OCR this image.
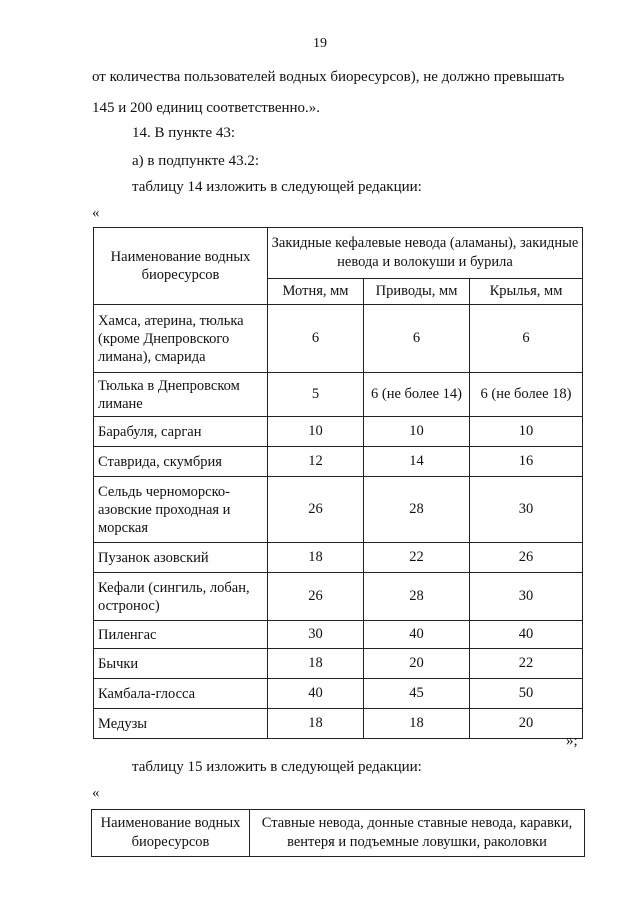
19
от количества пользователей водных биоресурсов), не должно превышать
145 и 200 единиц соответственно.».
14. В пункте 43:
а) в подпункте 43.2:
таблицу 14 изложить в следующей редакции:
«
Наименование водных биоресурсов	Закидные кефалевые невода (аламаны), закидные невода и волокуши и бурила		
	Мотня, мм	Приводы, мм	Крылья, мм
Хамса, атерина, тюлька (кроме Днепровского лимана), смарида	6	6	6
Тюлька в Днепровском лимане	5	6 (не более 14)	6 (не более 18)
Барабуля, сарган	10	10	10
Ставрида, скумбрия	12	14	16
Сельдь черноморско-азовские проходная и морская	26	28	30
Пузанок азовский	18	22	26
Кефали (сингиль, лобан, остронос)	26	28	30
Пиленгас	30	40	40
Бычки	18	20	22
Камбала-глосса	40	45	50
Медузы	18	18	20
»;
таблицу 15 изложить в следующей редакции:
«
Наименование водных биоресурсов	Ставные невода, донные ставные невода, каравки, вентеря и подъемные ловушки, раколовки
